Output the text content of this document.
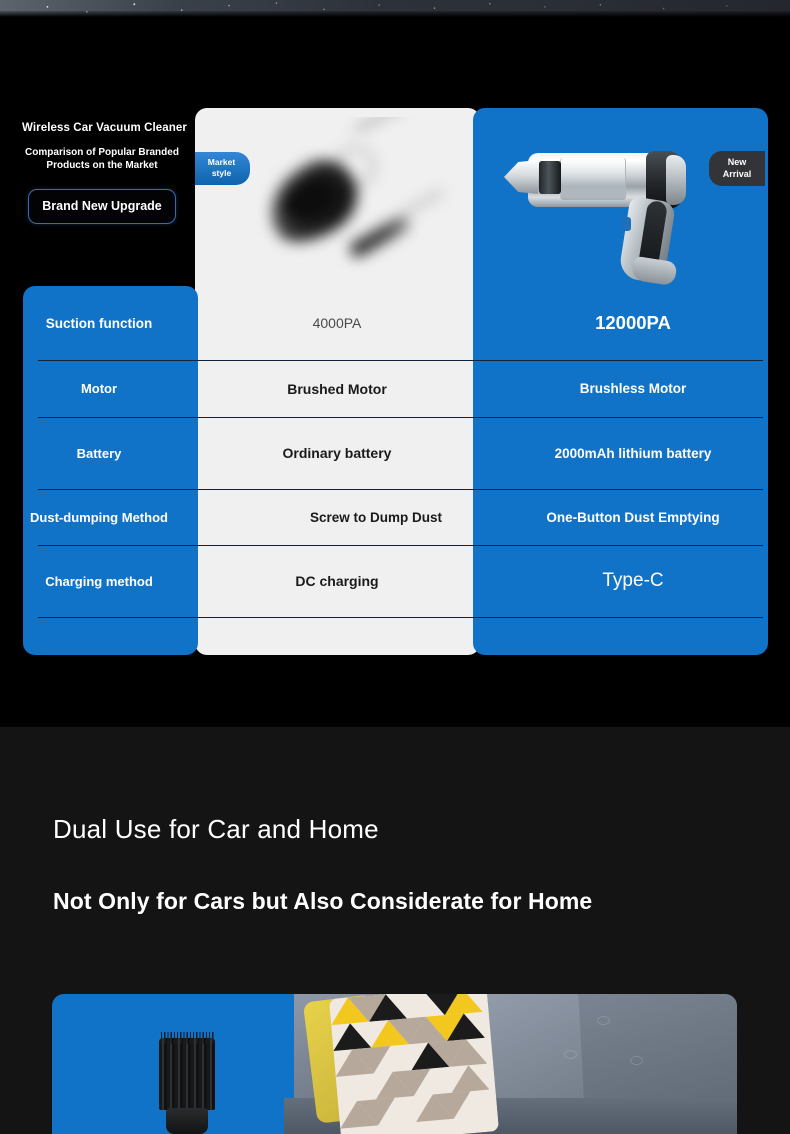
Market style
New Arrival
Wireless Car Vacuum Cleaner
Comparison of Popular Branded Products on the Market
Brand New Upgrade
Suction function	4000PA	12000PA
Motor	Brushed Motor	Brushless Motor
Battery	Ordinary battery	2000mAh lithium battery
Dust-dumping Method	Screw to Dump Dust	One-Button Dust Emptying
Charging method	DC charging	Type-C
Dual Use for Car and Home
Not Only for Cars but Also Considerate for Home
